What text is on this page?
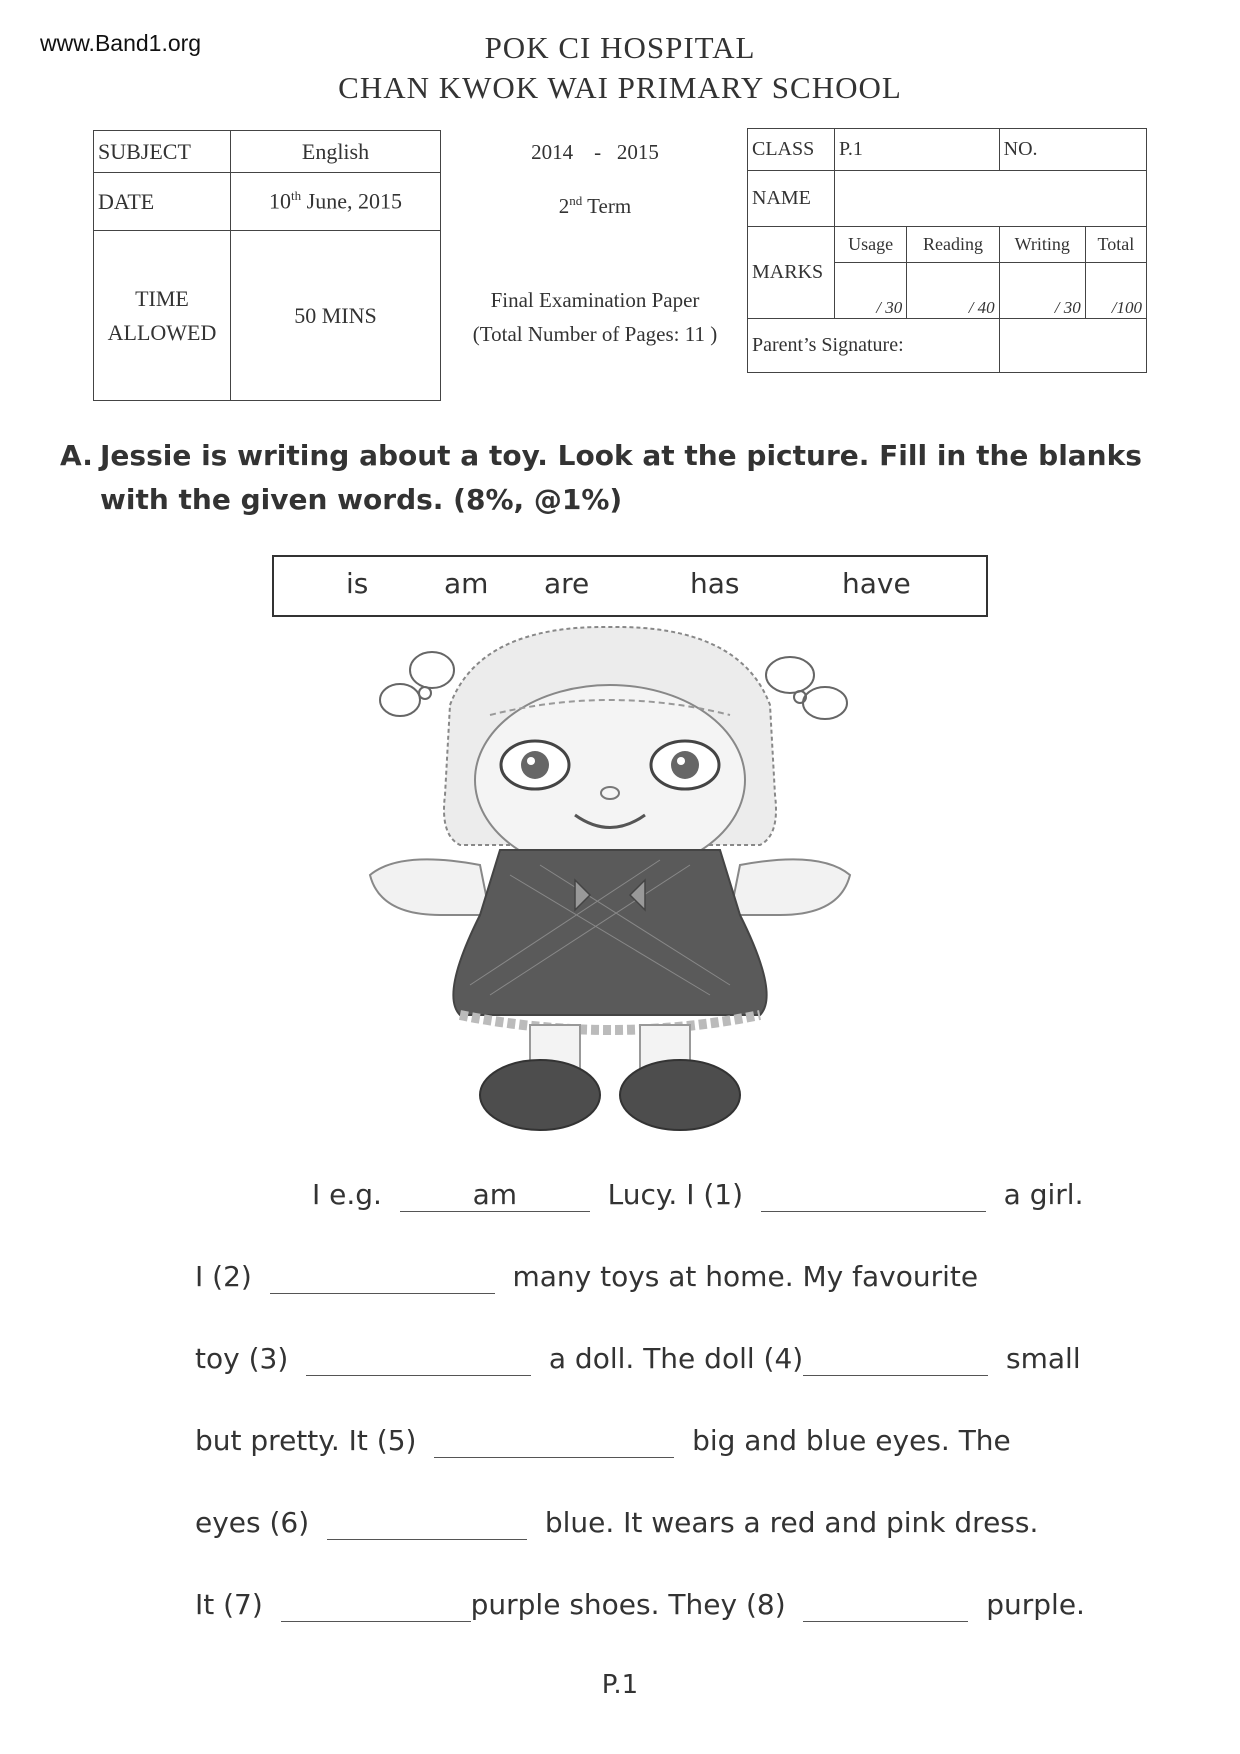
www.Band1.org	POK CI HOSPITAL
CHAN KWOK WAI PRIMARY SCHOOL
SUBJECT	English
DATE	10th June, 2015
TIME
ALLOWED	50 MINS
2014 - 2015
2nd Term
Final Examination Paper
(Total Number of Pages: 11 )
CLASS	P.1		NO.	
NAME				
MARKS	Usage	Reading	Writing	Total
	/ 30	/ 40	/ 30	/100
Parent’s Signature:				
A. Jessie is writing about a toy. Look at the picture. Fill in the blanks
with the given words. (8%, @1%)
is	am are	has	have
I e.g.	am	Lucy. I (1)	a girl.
I (2)	many toys at home. My favourite
toy (3)	a doll. The doll (4)	small
but pretty. It (5)	big and blue eyes. The
eyes (6)	blue. It wears a red and pink dress.
It (7)	purple shoes. They (8)	purple.
P.1
